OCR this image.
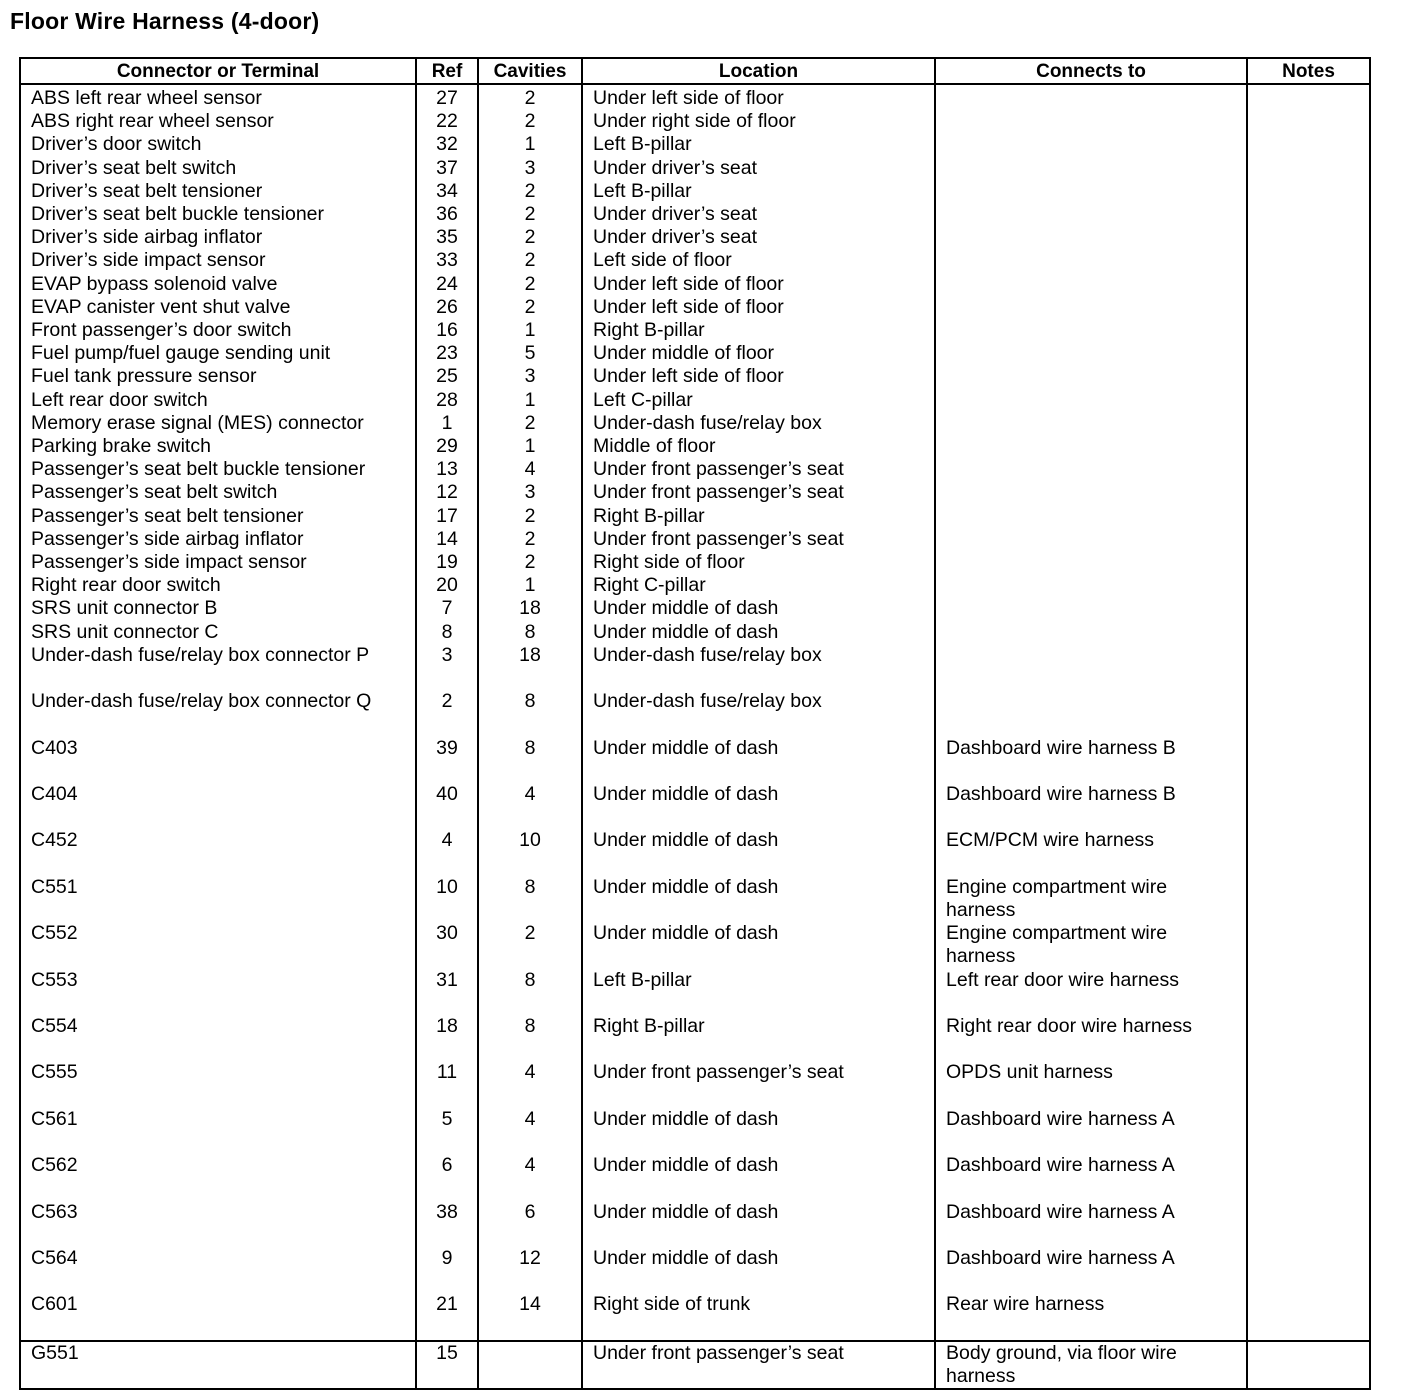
Floor Wire Harness (4-door)
Connector or Terminal	Ref	Cavities	Location	Connects to	Notes
ABS left rear wheel sensor	27	2	Under left side of floor		
ABS right rear wheel sensor	22	2	Under right side of floor		
Driver’s door switch	32	1	Left B-pillar		
Driver’s seat belt switch	37	3	Under driver’s seat		
Driver’s seat belt tensioner	34	2	Left B-pillar		
Driver’s seat belt buckle tensioner	36	2	Under driver’s seat		
Driver’s side airbag inflator	35	2	Under driver’s seat		
Driver’s side impact sensor	33	2	Left side of floor		
EVAP bypass solenoid valve	24	2	Under left side of floor		
EVAP canister vent shut valve	26	2	Under left side of floor		
Front passenger’s door switch	16	1	Right B-pillar		
Fuel pump/fuel gauge sending unit	23	5	Under middle of floor		
Fuel tank pressure sensor	25	3	Under left side of floor		
Left rear door switch	28	1	Left C-pillar		
Memory erase signal (MES) connector	1	2	Under-dash fuse/relay box		
Parking brake switch	29	1	Middle of floor		
Passenger’s seat belt buckle tensioner	13	4	Under front passenger’s seat		
Passenger’s seat belt switch	12	3	Under front passenger’s seat		
Passenger’s seat belt tensioner	17	2	Right B-pillar		
Passenger’s side airbag inflator	14	2	Under front passenger’s seat		
Passenger’s side impact sensor	19	2	Right side of floor		
Right rear door switch	20	1	Right C-pillar		
SRS unit connector B	7	18	Under middle of dash		
SRS unit connector C	8	8	Under middle of dash		
Under-dash fuse/relay box connector P	3	18	Under-dash fuse/relay box		
Under-dash fuse/relay box connector Q	2	8	Under-dash fuse/relay box		
C403	39	8	Under middle of dash	Dashboard wire harness B	
C404	40	4	Under middle of dash	Dashboard wire harness B	
C452	4	10	Under middle of dash	ECM/PCM wire harness	
C551	10	8	Under middle of dash	Engine compartment wire harness	
C552	30	2	Under middle of dash	Engine compartment wire harness	
C553	31	8	Left B-pillar	Left rear door wire harness	
C554	18	8	Right B-pillar	Right rear door wire harness	
C555	11	4	Under front passenger’s seat	OPDS unit harness	
C561	5	4	Under middle of dash	Dashboard wire harness A	
C562	6	4	Under middle of dash	Dashboard wire harness A	
C563	38	6	Under middle of dash	Dashboard wire harness A	
C564	9	12	Under middle of dash	Dashboard wire harness A	
C601	21	14	Right side of trunk	Rear wire harness	
G551	15		Under front passenger’s seat	Body ground, via floor wire harness	
